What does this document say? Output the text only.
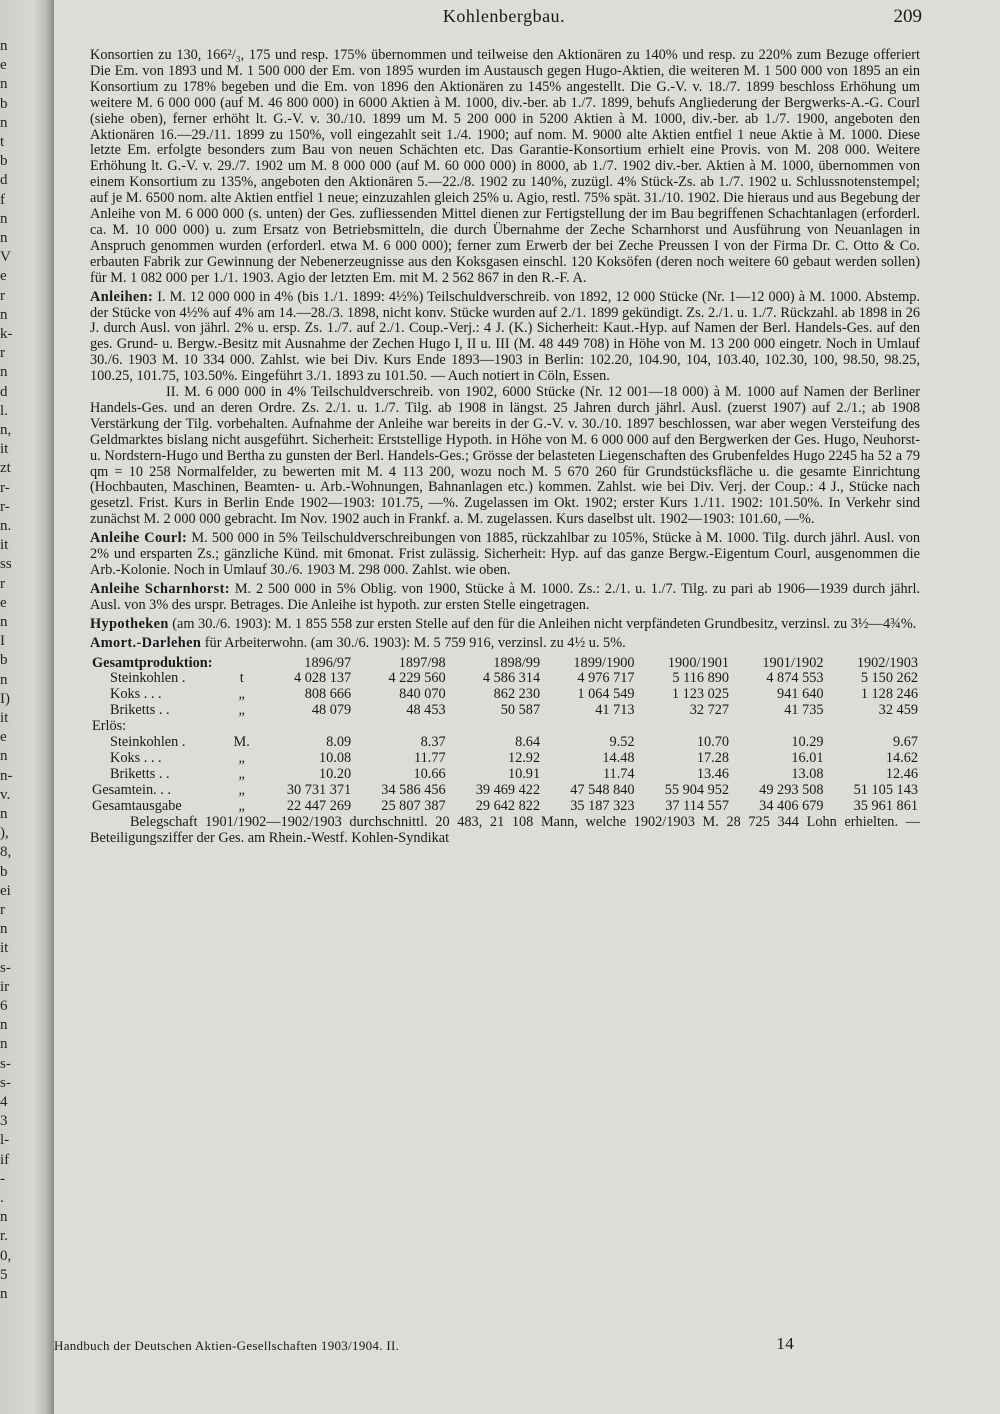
n
e
n
b
n
t
b
d
f
n
n
V
e
r
n
k-
r
n
d
l.
n,
it
zt
r-
r-
n.
it
ss
r
e
n
I
b
n
I)
it
e
n
n-
v.
n
),
8,
b
ei
r
n
it
s-
ir
6
n
n
s-
s-
4
3
l-
if
-
.
n
r.
0,
5
n
Kohlenbergbau.	209

Konsortien zu 130, 166²/₃, 175 und resp. 175% übernommen und teilweise den Aktionären zu 140% und resp. zu 220% zum Bezuge offeriert Die Em. von 1893 und M. 1 500 000 der Em. von 1895 wurden im Austausch gegen Hugo-Aktien, die weiteren M. 1 500 000 von 1895 an ein Konsortium zu 178% begeben und die Em. von 1896 den Aktionären zu 145% angestellt. Die G.-V. v. 18./7. 1899 beschloss Erhöhung um weitere M. 6 000 000 (auf M. 46 800 000) in 6000 Aktien à M. 1000, div.-ber. ab 1./7. 1899, behufs Angliederung der Bergwerks-A.-G. Courl (siehe oben), ferner erhöht lt. G.-V. v. 30./10. 1899 um M. 5 200 000 in 5200 Aktien à M. 1000, div.-ber. ab 1./7. 1900, angeboten den Aktionären 16.—29./11. 1899 zu 150%, voll eingezahlt seit 1./4. 1900; auf nom. M. 9000 alte Aktien entfiel 1 neue Aktie à M. 1000. Diese letzte Em. erfolgte besonders zum Bau von neuen Schächten etc. Das Garantie-Konsortium erhielt eine Provis. von M. 208 000. Weitere Erhöhung lt. G.-V. v. 29./7. 1902 um M. 8 000 000 (auf M. 60 000 000) in 8000, ab 1./7. 1902 div.-ber. Aktien à M. 1000, übernommen von einem Konsortium zu 135%, angeboten den Aktionären 5.—22./8. 1902 zu 140%, zuzügl. 4% Stück-Zs. ab 1./7. 1902 u. Schlussnotenstempel; auf je M. 6500 nom. alte Aktien entfiel 1 neue; einzuzahlen gleich 25% u. Agio, restl. 75% spät. 31./10. 1902. Die hieraus und aus Begebung der Anleihe von M. 6 000 000 (s. unten) der Ges. zufliessenden Mittel dienen zur Fertigstellung der im Bau begriffenen Schachtanlagen (erforderl. ca. M. 10 000 000) u. zum Ersatz von Betriebsmitteln, die durch Übernahme der Zeche Scharnhorst und Ausführung von Neuanlagen in Anspruch genommen wurden (erforderl. etwa M. 6 000 000); ferner zum Erwerb der bei Zeche Preussen I von der Firma Dr. C. Otto & Co. erbauten Fabrik zur Gewinnung der Nebenerzeugnisse aus den Koksgasen einschl. 120 Koksöfen (deren noch weitere 60 gebaut werden sollen) für M. 1 082 000 per 1./1. 1903. Agio der letzten Em. mit M. 2 562 867 in den R.-F. A.

Anleihen: I. M. 12 000 000 in 4% (bis 1./1. 1899: 4½%) Teilschuldverschreib. von 1892, 12 000 Stücke (Nr. 1—12 000) à M. 1000. Abstemp. der Stücke von 4½% auf 4% am 14.—28./3. 1898, nicht konv. Stücke wurden auf 2./1. 1899 gekündigt. Zs. 2./1. u. 1./7. Rückzahl. ab 1898 in 26 J. durch Ausl. von jährl. 2% u. ersp. Zs. 1./7. auf 2./1. Coup.-Verj.: 4 J. (K.) Sicherheit: Kaut.-Hyp. auf Namen der Berl. Handels-Ges. auf den ges. Grund- u. Bergw.-Besitz mit Ausnahme der Zechen Hugo I, II u. III (M. 48 449 708) in Höhe von M. 13 200 000 eingetr. Noch in Umlauf 30./6. 1903 M. 10 334 000. Zahlst. wie bei Div. Kurs Ende 1893—1903 in Berlin: 102.20, 104.90, 104, 103.40, 102.30, 100, 98.50, 98.25, 100.25, 101.75, 103.50%. Eingeführt 3./1. 1893 zu 101.50. — Auch notiert in Cöln, Essen.

II. M. 6 000 000 in 4% Teilschuldverschreib. von 1902, 6000 Stücke (Nr. 12 001—18 000) à M. 1000 auf Namen der Berliner Handels-Ges. und an deren Ordre. Zs. 2./1. u. 1./7. Tilg. ab 1908 in längst. 25 Jahren durch jährl. Ausl. (zuerst 1907) auf 2./1.; ab 1908 Verstärkung der Tilg. vorbehalten. Aufnahme der Anleihe war bereits in der G.-V. v. 30./10. 1897 beschlossen, war aber wegen Versteifung des Geldmarktes bislang nicht ausgeführt. Sicherheit: Erststellige Hypoth. in Höhe von M. 6 000 000 auf den Bergwerken der Ges. Hugo, Neuhorst- u. Nordstern-Hugo und Bertha zu gunsten der Berl. Handels-Ges.; Grösse der belasteten Liegenschaften des Grubenfeldes Hugo 2245 ha 52 a 79 qm = 10 258 Normalfelder, zu bewerten mit M. 4 113 200, wozu noch M. 5 670 260 für Grundstücksfläche u. die gesamte Einrichtung (Hochbauten, Maschinen, Beamten- u. Arb.-Wohnungen, Bahnanlagen etc.) kommen. Zahlst. wie bei Div. Verj. der Coup.: 4 J., Stücke nach gesetzl. Frist. Kurs in Berlin Ende 1902—1903: 101.75, —%. Zugelassen im Okt. 1902; erster Kurs 1./11. 1902: 101.50%. In Verkehr sind zunächst M. 2 000 000 gebracht. Im Nov. 1902 auch in Frankf. a. M. zugelassen. Kurs daselbst ult. 1902—1903: 101.60, —%.

Anleihe Courl: M. 500 000 in 5% Teilschuldverschreibungen von 1885, rückzahlbar zu 105%, Stücke à M. 1000. Tilg. durch jährl. Ausl. von 2% und ersparten Zs.; gänzliche Künd. mit 6monat. Frist zulässig. Sicherheit: Hyp. auf das ganze Bergw.-Eigentum Courl, ausgenommen die Arb.-Kolonie. Noch in Umlauf 30./6. 1903 M. 298 000. Zahlst. wie oben.

Anleihe Scharnhorst: M. 2 500 000 in 5% Oblig. von 1900, Stücke à M. 1000. Zs.: 2./1. u. 1./7. Tilg. zu pari ab 1906—1939 durch jährl. Ausl. von 3% des urspr. Betrages. Die Anleihe ist hypoth. zur ersten Stelle eingetragen.

Hypotheken (am 30./6. 1903): M. 1 855 558 zur ersten Stelle auf den für die Anleihen nicht verpfändeten Grundbesitz, verzinsl. zu 3½—4¾%.

Amort.-Darlehen für Arbeiterwohn. (am 30./6. 1903): M. 5 759 916, verzinsl. zu 4½ u. 5%.

Gesamtproduktion:		1896/97	1897/98	1898/99	1899/1900	1900/1901	1901/1902	1902/1903
Steinkohlen .	t	4 028 137	4 229 560	4 586 314	4 976 717	5 116 890	4 874 553	5 150 262
Koks . . .	„	808 666	840 070	862 230	1 064 549	1 123 025	941 640	1 128 246
Briketts . .	„	48 079	48 453	50 587	41 713	32 727	41 735	32 459
Erlös:								
Steinkohlen .	M.	8.09	8.37	8.64	9.52	10.70	10.29	9.67
Koks . . .	„	10.08	11.77	12.92	14.48	17.28	16.01	14.62
Briketts . .	„	10.20	10.66	10.91	11.74	13.46	13.08	12.46
Gesamtein. . .	„	30 731 371	34 586 456	39 469 422	47 548 840	55 904 952	49 293 508	51 105 143
Gesamtausgabe	„	22 447 269	25 807 387	29 642 822	35 187 323	37 114 557	34 406 679	35 961 861

Belegschaft 1901/1902—1902/1903 durchschnittl. 20 483, 21 108 Mann, welche 1902/1903 M. 28 725 344 Lohn erhielten. — Beteiligungsziffer der Ges. am Rhein.-Westf. Kohlen-Syndikat

Handbuch der Deutschen Aktien-Gesellschaften 1903/1904. II.	14
